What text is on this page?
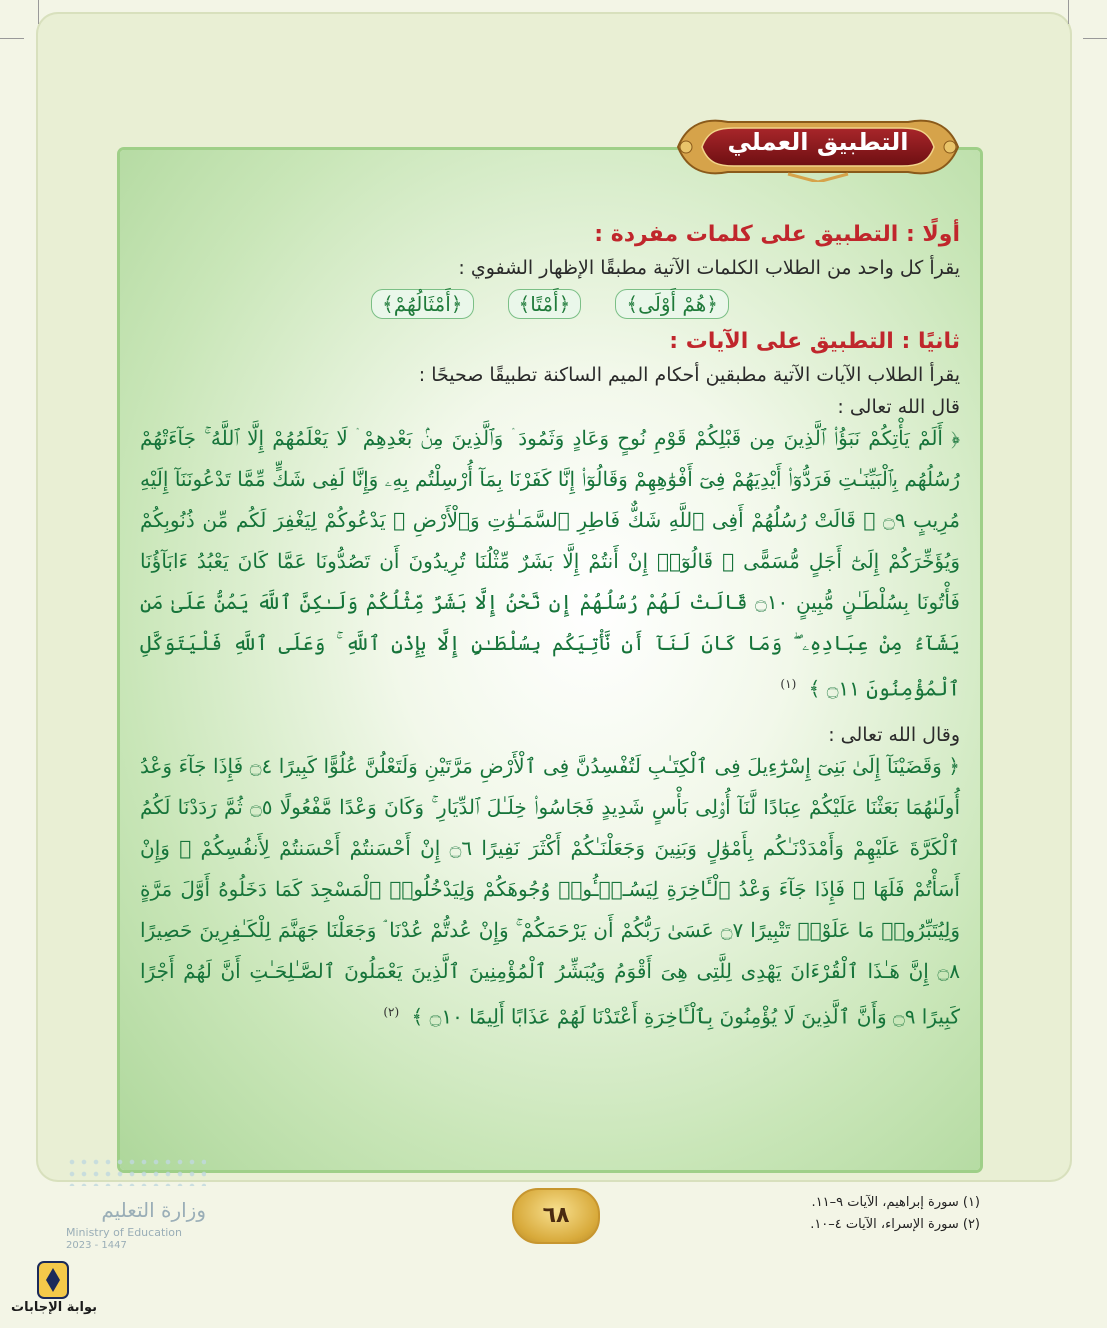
التطبيق العملي

أولًا : التطبيق على كلمات مفردة :

يقرأ كل واحد من الطلاب الكلمات الآتية مطبقًا الإظهار الشفوي :

﴿هُمْ أَوْلَى﴾
﴿أَمْتًا﴾
﴿أَمْثَالُهُمْ﴾

ثانيًا : التطبيق على الآيات :

يقرأ الطلاب الآيات الآتية مطبقين أحكام الميم الساكنة تطبيقًا صحيحًا :

قال الله تعالى :

﴿ أَلَمْ يَأْتِكُمْ نَبَؤُا۟ ٱلَّذِينَ مِن قَبْلِكُمْ قَوْمِ نُوحٍ وَعَادٍ وَثَمُودَ ۛ وَٱلَّذِينَ مِنۢ بَعْدِهِمْ ۛ لَا يَعْلَمُهُمْ إِلَّا ٱللَّهُ ۚ جَآءَتْهُمْ رُسُلُهُم بِٱلْبَيِّنَـٰتِ فَرَدُّوٓا۟ أَيْدِيَهُمْ فِىٓ أَفْوَٰهِهِمْ وَقَالُوٓا۟ إِنَّا كَفَرْنَا بِمَآ أُرْسِلْتُم بِهِۦ وَإِنَّا لَفِى شَكٍّ مِّمَّا تَدْعُونَنَآ إِلَيْهِ مُرِيبٍ ۝٩ ۞ قَالَتْ رُسُلُهُمْ أَفِى ٱللَّهِ شَكٌّ فَاطِرِ ٱلسَّمَـٰوَٰتِ وَٱلْأَرْضِ ۖ يَدْعُوكُمْ لِيَغْفِرَ لَكُم مِّن ذُنُوبِكُمْ وَيُؤَخِّرَكُمْ إِلَىٰٓ أَجَلٍ مُّسَمًّى ۚ قَالُوٓا۟ إِنْ أَنتُمْ إِلَّا بَشَرٌ مِّثْلُنَا تُرِيدُونَ أَن تَصُدُّونَا عَمَّا كَانَ يَعْبُدُ ءَابَآؤُنَا فَأْتُونَا بِسُلْطَـٰنٍ مُّبِينٍ ۝١٠ قَالَتْ لَهُمْ رُسُلُهُمْ إِن نَّحْنُ إِلَّا بَشَرٌ مِّثْلُكُمْ وَلَـٰكِنَّ ٱللَّهَ يَمُنُّ عَلَىٰ مَن يَشَآءُ مِنْ عِبَادِهِۦ ۖ وَمَا كَانَ لَنَآ أَن نَّأْتِيَكُم بِسُلْطَـٰنٍ إِلَّا بِإِذْنِ ٱللَّهِ ۚ وَعَلَى ٱللَّهِ فَلْيَتَوَكَّلِ ٱلْمُؤْمِنُونَ ۝١١ ﴾ $^{(١)}$

وقال الله تعالى :

﴿ وَقَضَيْنَآ إِلَىٰ بَنِىٓ إِسْرَٰٓءِيلَ فِى ٱلْكِتَـٰبِ لَتُفْسِدُنَّ فِى ٱلْأَرْضِ مَرَّتَيْنِ وَلَتَعْلُنَّ عُلُوًّا كَبِيرًا ۝٤ فَإِذَا جَآءَ وَعْدُ أُولَىٰهُمَا بَعَثْنَا عَلَيْكُمْ عِبَادًا لَّنَآ أُو۟لِى بَأْسٍ شَدِيدٍ فَجَاسُوا۟ خِلَـٰلَ ٱلدِّيَارِ ۚ وَكَانَ وَعْدًا مَّفْعُولًا ۝٥ ثُمَّ رَدَدْنَا لَكُمُ ٱلْكَرَّةَ عَلَيْهِمْ وَأَمْدَدْنَـٰكُم بِأَمْوَٰلٍ وَبَنِينَ وَجَعَلْنَـٰكُمْ أَكْثَرَ نَفِيرًا ۝٦ إِنْ أَحْسَنتُمْ أَحْسَنتُمْ لِأَنفُسِكُمْ ۖ وَإِنْ أَسَأْتُمْ فَلَهَا ۚ فَإِذَا جَآءَ وَعْدُ ٱلْـَٔاخِرَةِ لِيَسُـۥٓـُٔوا۟ وُجُوهَكُمْ وَلِيَدْخُلُوا۟ ٱلْمَسْجِدَ كَمَا دَخَلُوهُ أَوَّلَ مَرَّةٍ وَلِيُتَبِّرُوا۟ مَا عَلَوْا۟ تَتْبِيرًا ۝٧ عَسَىٰ رَبُّكُمْ أَن يَرْحَمَكُمْ ۚ وَإِنْ عُدتُّمْ عُدْنَا ۘ وَجَعَلْنَا جَهَنَّمَ لِلْكَـٰفِرِينَ حَصِيرًا ۝٨ إِنَّ هَـٰذَا ٱلْقُرْءَانَ يَهْدِى لِلَّتِى هِىَ أَقْوَمُ وَيُبَشِّرُ ٱلْمُؤْمِنِينَ ٱلَّذِينَ يَعْمَلُونَ ٱلصَّـٰلِحَـٰتِ أَنَّ لَهُمْ أَجْرًا كَبِيرًا ۝٩ وَأَنَّ ٱلَّذِينَ لَا يُؤْمِنُونَ بِٱلْـَٔاخِرَةِ أَعْتَدْنَا لَهُمْ عَذَابًا أَلِيمًا ۝١٠ ﴾ $^{(٢)}$

٦٨
(١) سورة إبراهيم، الآيات ٩–١١.
(٢) سورة الإسراء، الآيات ٤–١٠.
وزارة التعليم
Ministry of Education
2023 - 1447
بوابة الإجابات
